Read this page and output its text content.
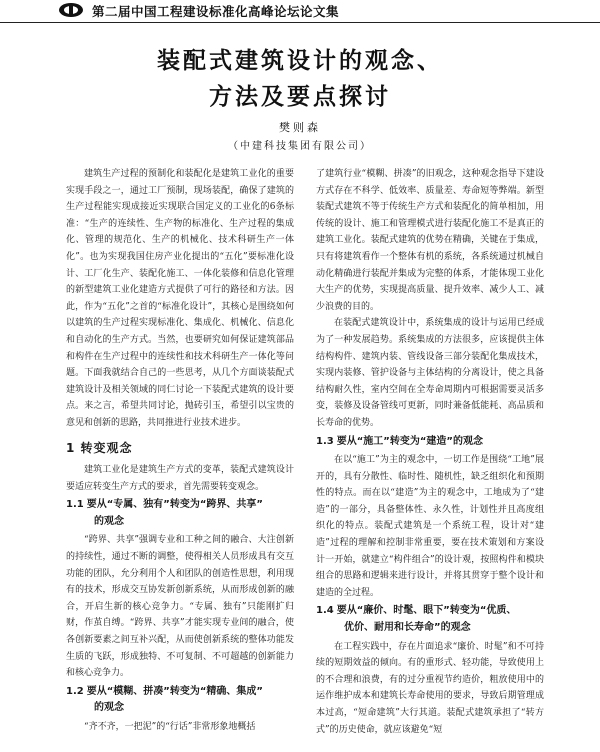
第二届中国工程建设标准化高峰论坛论文集
装配式建筑设计的观念、
方法及要点探讨
樊则森
（中建科技集团有限公司）

建筑生产过程的预制化和装配化是建筑工业化的重要实现手段之一，通过工厂预制，现场装配，确保了建筑的生产过程能实现成接近实现联合国定义的工业化的6条标准：“生产的连续性、生产物的标准化、生产过程的集成化、管理的规范化、生产的机械化、技术科研生产一体化”。也为实现我国住房产业化提出的“五化”要标准化设计、工厂化生产、装配化施工、一体化装修和信息化管理的新型建筑工业化建造方式提供了可行的路径和方法。因此，作为“五化”之首的“标准化设计”，其核心是围绕如何以建筑的生产过程实现标准化、集成化、机械化、信息化和自动化的生产方式。当然，也要研究如何保证建筑部品和构件在生产过程中的连续性和技术科研生产一体化等问题。下面我就结合自己的一些思考，从几个方面谈装配式建筑设计及相关领域的同仁讨论一下装配式建筑的设计要点。来之言，希望共同讨论，抛砖引玉，希望引以宝贵的意见和创新的思路，共同推进行业技术进步。

1 转变观念

建筑工业化是建筑生产方式的变革，装配式建筑设计要适应转变生产方式的要求，首先需要转变观念。

1.1 要从“专属、独有”转变为“跨界、共享”
的观念

“跨界、共享”强调专业和工种之间的融合、大注创新的持续性，通过不断的调整，使得相关人员形成具有交互功能的团队，允分利用个人和团队的创造性思想，利用现有的技术，形成交互协发新创新系统，从而形成创新的融合，开启生新的核心竞争力。“专属、独有”只能刚扩归财，作茧自缚。“跨界、共享”才能实现专业间的融合，使各创新要素之间互补兴配，从而使创新系统的整体功能发生质的飞跃，形成独特、不可复制、不可超越的创新能力和核心竞争力。

1.2 要从“模糊、拼凑”转变为“精确、集成”
的观念

“齐不齐，一把泥”的“行话”非常形象地概括

了建筑行业“模糊、拼凑”的旧观念，这种观念指导下建设方式存在不科学、低效率、质量差、寿命短等弊端。新型装配式建筑不等于传统生产方式和装配化的简单相加，用传统的设计、施工和管理模式进行装配化施工不是真正的建筑工业化。装配式建筑的优势在精确，关键在于集成，只有将建筑看作一个整体有机的系统，各系统通过机械自动化精确进行装配并集成为完整的体系，才能体现工业化大生产的优势，实现提高质量、提升效率、减少人工、减少浪费的目的。

在装配式建筑设计中，系统集成的设计与运用已经成为了一种发展趋势。系统集成的方法很多，应该提供主体结构构件、建筑内装、管线设备三部分装配化集成技术，实现内装修、管护设备与主体结构的分离设计，使之具备结构耐久性，室内空间在全寿命周期内可根据需要灵活多变，装修及设备管线可更新，同时兼备低能耗、高品质和长寿命的优势。

1.3 要从“施工”转变为“建造”的观念

在以“施工”为主的观念中，一切工作是围绕“工地”展开的，具有分散性、临时性、随机性，缺乏组织化和预期性的特点。而在以“建造”为主的观念中，工地成为了“建造”的一部分，具备整体性、永久性，计划性并且高度组织化的特点。装配式建筑是一个系统工程，设计对“建造”过程的理解和控制非常重要，要在技术策划和方案设计一开始，就建立“构件组合”的设计观，按照构件和模块组合的思路和逻辑来进行设计，并将其贯穿于整个设计和建造的全过程。

1.4 要从“廉价、时髦、眼下”转变为“优质、
优价、耐用和长寿命”的观念

在工程实践中，存在片面追求“廉价、时髦”和不可持续的短期效益的倾向。有的重形式、轻功能，导致使用上的不合理和浪费，有的过分重视节约造价，粗放使用中的运作维护成本和建筑长寿命使用的要求，导致后期管理成本过高，“短命建筑”大行其道。装配式建筑承担了“转方式”的历史使命，就应该避免“短
